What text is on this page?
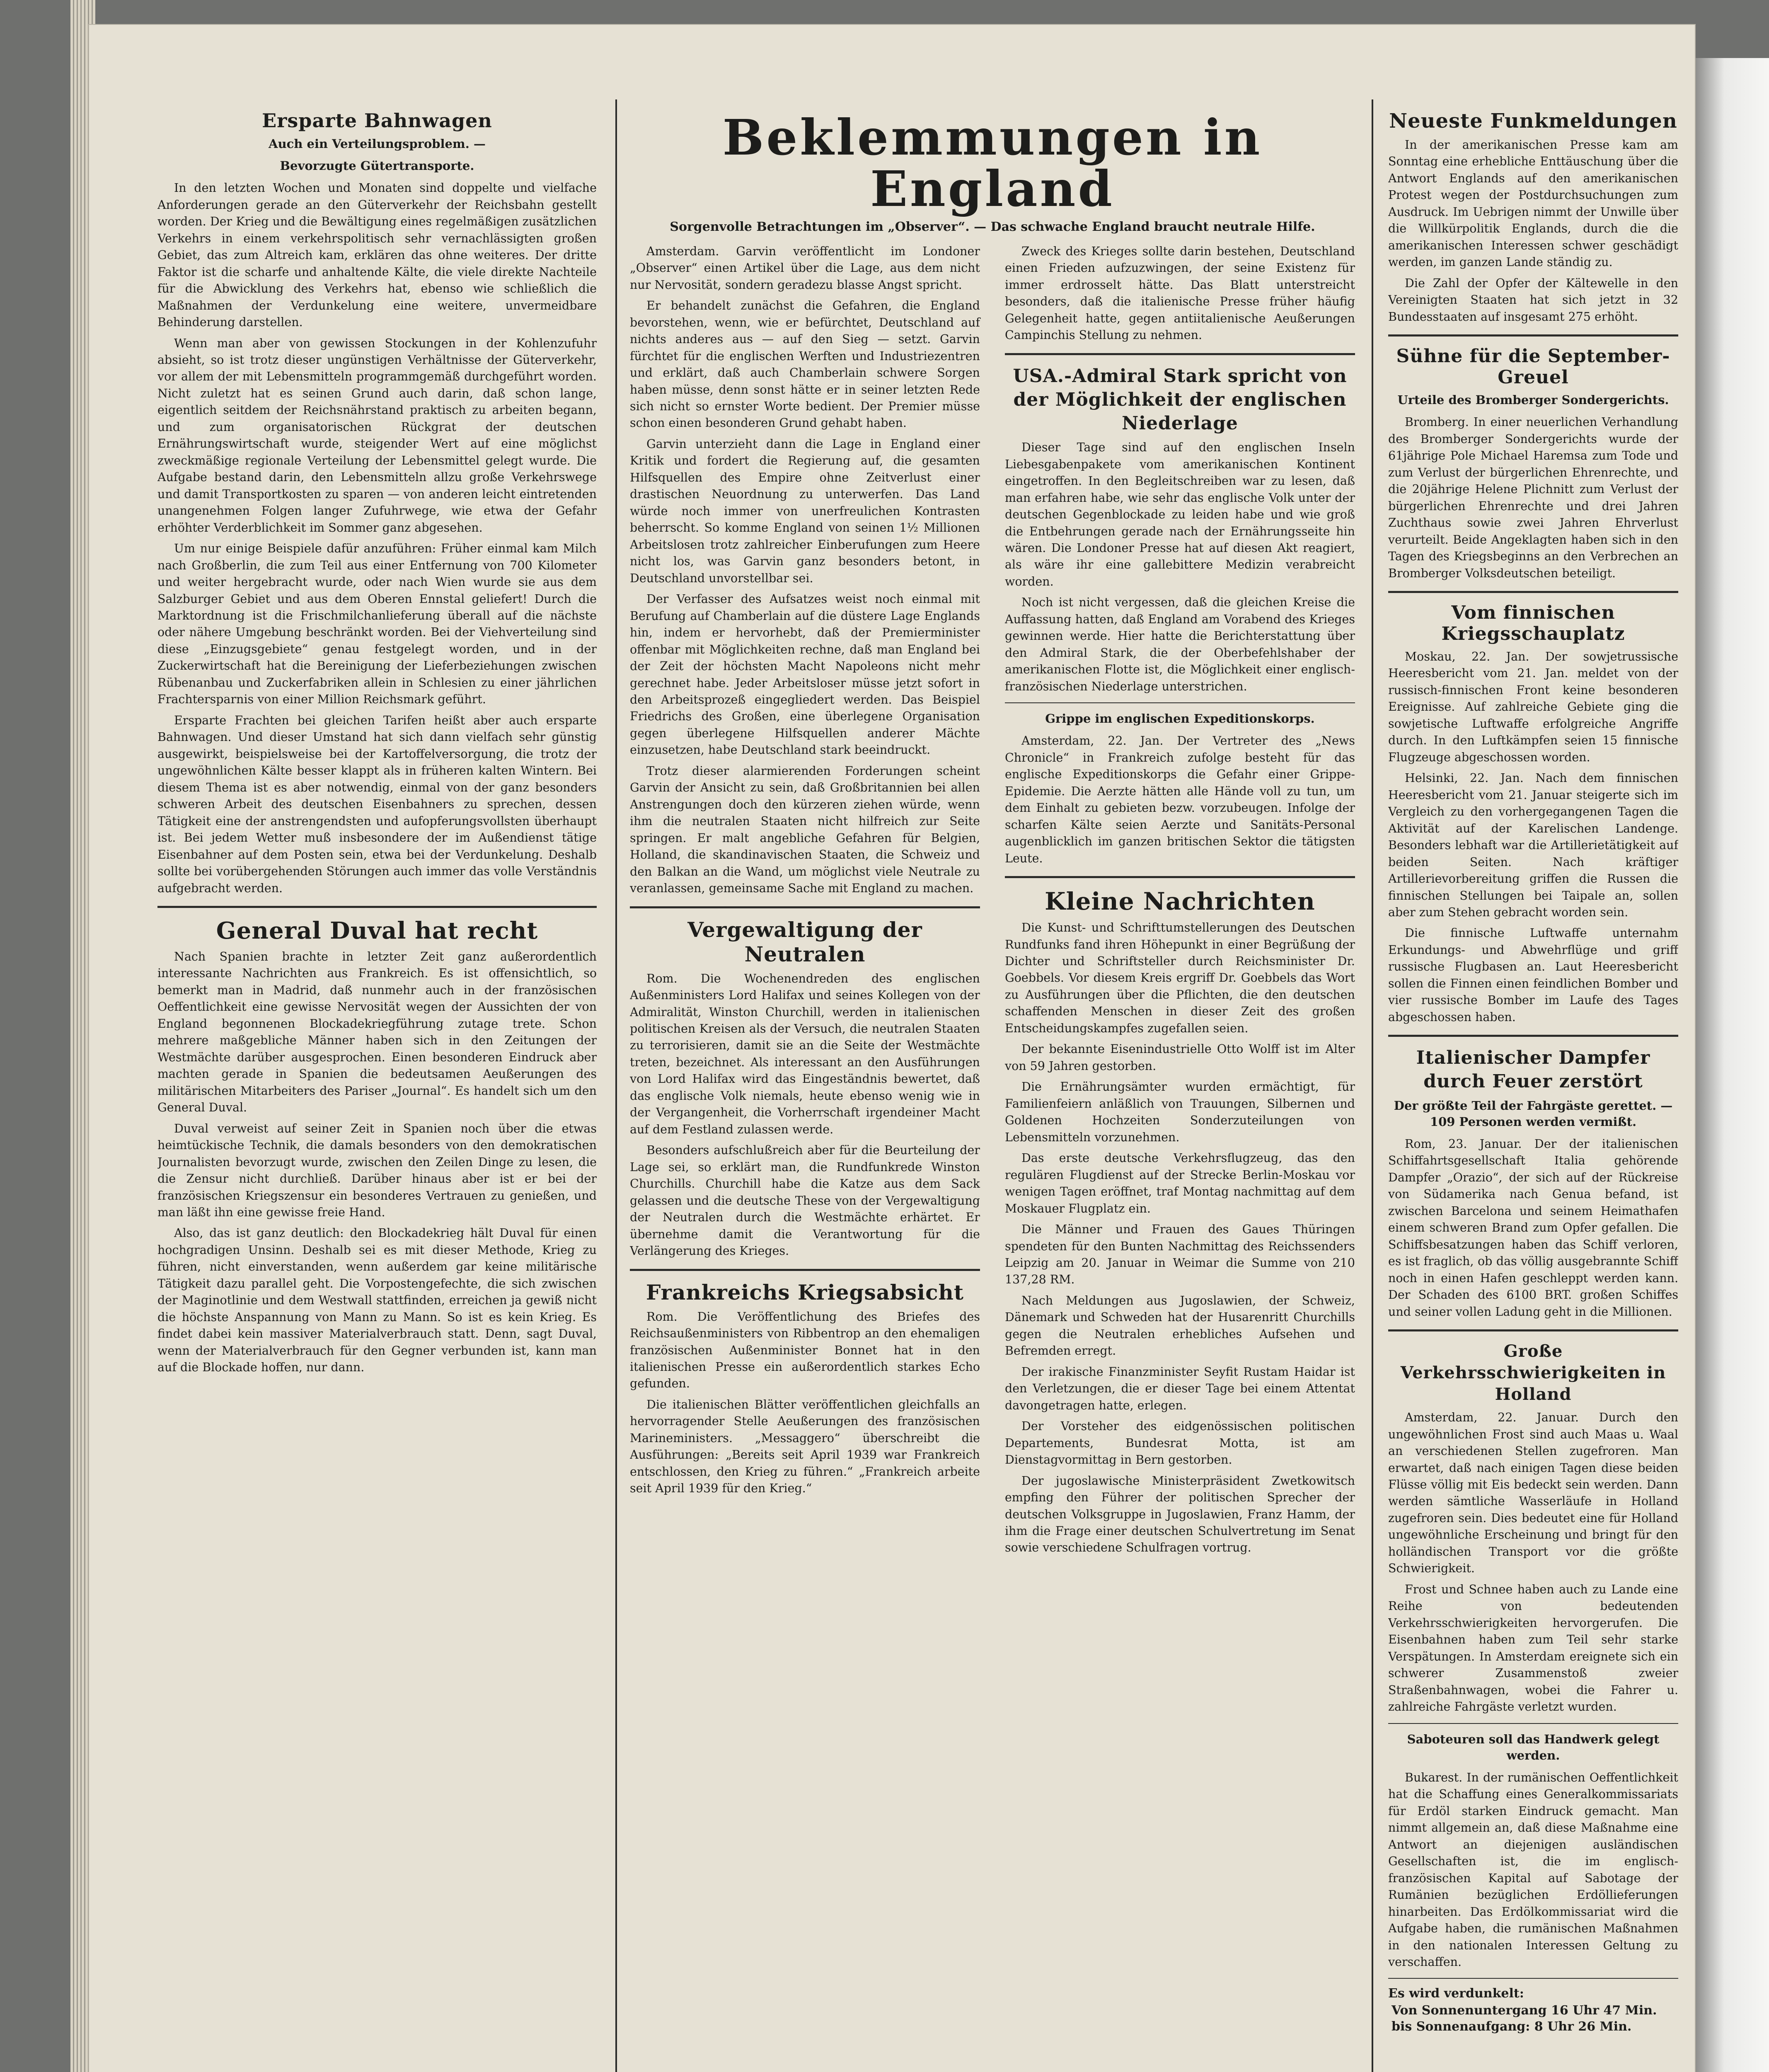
Ersparte Bahnwagen
Auch ein Verteilungsproblem. —
Bevorzugte Gütertransporte.

In den letzten Wochen und Monaten sind doppelte und vielfache Anforderungen gerade an den Güterverkehr der Reichsbahn gestellt worden. Der Krieg und die Bewältigung eines regelmäßigen zusätzlichen Verkehrs in einem verkehrspolitisch sehr vernachlässigten großen Gebiet, das zum Altreich kam, erklären das ohne weiteres. Der dritte Faktor ist die scharfe und anhaltende Kälte, die viele direkte Nachteile für die Abwicklung des Verkehrs hat, ebenso wie schließlich die Maßnahmen der Verdunkelung eine weitere, unvermeidbare Behinderung darstellen.

Wenn man aber von gewissen Stockungen in der Kohlenzufuhr absieht, so ist trotz dieser ungünstigen Verhältnisse der Güterverkehr, vor allem der mit Lebensmitteln programmgemäß durchgeführt worden. Nicht zuletzt hat es seinen Grund auch darin, daß schon lange, eigentlich seitdem der Reichsnährstand praktisch zu arbeiten begann, und zum organisatorischen Rückgrat der deutschen Ernährungswirtschaft wurde, steigender Wert auf eine möglichst zweckmäßige regionale Verteilung der Lebensmittel gelegt wurde. Die Aufgabe bestand darin, den Lebensmitteln allzu große Verkehrswege und damit Transportkosten zu sparen — von anderen leicht eintretenden unangenehmen Folgen langer Zufuhrwege, wie etwa der Gefahr erhöhter Verderblichkeit im Sommer ganz abgesehen.

Um nur einige Beispiele dafür anzuführen: Früher einmal kam Milch nach Großberlin, die zum Teil aus einer Entfernung von 700 Kilometer und weiter hergebracht wurde, oder nach Wien wurde sie aus dem Salzburger Gebiet und aus dem Oberen Ennstal geliefert! Durch die Marktordnung ist die Frischmilchanlieferung überall auf die nächste oder nähere Umgebung beschränkt worden. Bei der Viehverteilung sind diese „Einzugsgebiete“ genau festgelegt worden, und in der Zuckerwirtschaft hat die Bereinigung der Lieferbeziehungen zwischen Rübenanbau und Zuckerfabriken allein in Schlesien zu einer jährlichen Frachtersparnis von einer Million Reichsmark geführt.

Ersparte Frachten bei gleichen Tarifen heißt aber auch ersparte Bahnwagen. Und dieser Umstand hat sich dann vielfach sehr günstig ausgewirkt, beispielsweise bei der Kartoffelversorgung, die trotz der ungewöhnlichen Kälte besser klappt als in früheren kalten Wintern. Bei diesem Thema ist es aber notwendig, einmal von der ganz besonders schweren Arbeit des deutschen Eisenbahners zu sprechen, dessen Tätigkeit eine der anstrengendsten und aufopferungsvollsten überhaupt ist. Bei jedem Wetter muß insbesondere der im Außendienst tätige Eisenbahner auf dem Posten sein, etwa bei der Verdunkelung. Deshalb sollte bei vorübergehenden Störungen auch immer das volle Verständnis aufgebracht werden.

General Duval hat recht

Nach Spanien brachte in letzter Zeit ganz außerordentlich interessante Nachrichten aus Frankreich. Es ist offensichtlich, so bemerkt man in Madrid, daß nunmehr auch in der französischen Oeffentlichkeit eine gewisse Nervosität wegen der Aussichten der von England begonnenen Blockadekriegführung zutage trete. Schon mehrere maßgebliche Männer haben sich in den Zeitungen der Westmächte darüber ausgesprochen. Einen besonderen Eindruck aber machten gerade in Spanien die bedeutsamen Aeußerungen des militärischen Mitarbeiters des Pariser „Journal“. Es handelt sich um den General Duval.

Duval verweist auf seiner Zeit in Spanien noch über die etwas heimtückische Technik, die damals besonders von den demokratischen Journalisten bevorzugt wurde, zwischen den Zeilen Dinge zu lesen, die die Zensur nicht durchließ. Darüber hinaus aber ist er bei der französischen Kriegszensur ein besonderes Vertrauen zu genießen, und man läßt ihn eine gewisse freie Hand.

Also, das ist ganz deutlich: den Blockadekrieg hält Duval für einen hochgradigen Unsinn. Deshalb sei es mit dieser Methode, Krieg zu führen, nicht einverstanden, wenn außerdem gar keine militärische Tätigkeit dazu parallel geht. Die Vorpostengefechte, die sich zwischen der Maginotlinie und dem Westwall stattfinden, erreichen ja gewiß nicht die höchste Anspannung von Mann zu Mann. So ist es kein Krieg. Es findet dabei kein massiver Materialverbrauch statt. Denn, sagt Duval, wenn der Materialverbrauch für den Gegner verbunden ist, kann man auf die Blockade hoffen, nur dann.

Beklemmungen in England
Sorgenvolle Betrachtungen im „Observer“. — Das schwache England braucht neutrale Hilfe.

Amsterdam. Garvin veröffentlicht im Londoner „Observer“ einen Artikel über die Lage, aus dem nicht nur Nervosität, sondern geradezu blasse Angst spricht.

Er behandelt zunächst die Gefahren, die England bevorstehen, wenn, wie er befürchtet, Deutschland auf nichts anderes aus — auf den Sieg — setzt. Garvin fürchtet für die englischen Werften und Industriezentren und erklärt, daß auch Chamberlain schwere Sorgen haben müsse, denn sonst hätte er in seiner letzten Rede sich nicht so ernster Worte bedient. Der Premier müsse schon einen besonderen Grund gehabt haben.

Garvin unterzieht dann die Lage in England einer Kritik und fordert die Regierung auf, die gesamten Hilfsquellen des Empire ohne Zeitverlust einer drastischen Neuordnung zu unterwerfen. Das Land würde noch immer von unerfreulichen Kontrasten beherrscht. So komme England von seinen 1½ Millionen Arbeitslosen trotz zahlreicher Einberufungen zum Heere nicht los, was Garvin ganz besonders betont, in Deutschland unvorstellbar sei.

Der Verfasser des Aufsatzes weist noch einmal mit Berufung auf Chamberlain auf die düstere Lage Englands hin, indem er hervorhebt, daß der Premierminister offenbar mit Möglichkeiten rechne, daß man England bei der Zeit der höchsten Macht Napoleons nicht mehr gerechnet habe. Jeder Arbeitsloser müsse jetzt sofort in den Arbeitsprozeß eingegliedert werden. Das Beispiel Friedrichs des Großen, eine überlegene Organisation gegen überlegene Hilfsquellen anderer Mächte einzusetzen, habe Deutschland stark beeindruckt.

Trotz dieser alarmierenden Forderungen scheint Garvin der Ansicht zu sein, daß Großbritannien bei allen Anstrengungen doch den kürzeren ziehen würde, wenn ihm die neutralen Staaten nicht hilfreich zur Seite springen. Er malt angebliche Gefahren für Belgien, Holland, die skandinavischen Staaten, die Schweiz und den Balkan an die Wand, um möglichst viele Neutrale zu veranlassen, gemeinsame Sache mit England zu machen.

Vergewaltigung der Neutralen

Rom. Die Wochenendreden des englischen Außenministers Lord Halifax und seines Kollegen von der Admiralität, Winston Churchill, werden in italienischen politischen Kreisen als der Versuch, die neutralen Staaten zu terrorisieren, damit sie an die Seite der Westmächte treten, bezeichnet. Als interessant an den Ausführungen von Lord Halifax wird das Eingeständnis bewertet, daß das englische Volk niemals, heute ebenso wenig wie in der Vergangenheit, die Vorherrschaft irgendeiner Macht auf dem Festland zulassen werde.

Besonders aufschlußreich aber für die Beurteilung der Lage sei, so erklärt man, die Rundfunkrede Winston Churchills. Churchill habe die Katze aus dem Sack gelassen und die deutsche These von der Vergewaltigung der Neutralen durch die Westmächte erhärtet. Er übernehme damit die Verantwortung für die Verlängerung des Krieges.

Frankreichs Kriegsabsicht

Rom. Die Veröffentlichung des Briefes des Reichsaußenministers von Ribbentrop an den ehemaligen französischen Außenminister Bonnet hat in den italienischen Presse ein außerordentlich starkes Echo gefunden.

Die italienischen Blätter veröffentlichen gleichfalls an hervorragender Stelle Aeußerungen des französischen Marineministers. „Messaggero“ überschreibt die Ausführungen: „Bereits seit April 1939 war Frankreich entschlossen, den Krieg zu führen.“ „Frankreich arbeite seit April 1939 für den Krieg.“

Zweck des Krieges sollte darin bestehen, Deutschland einen Frieden aufzuzwingen, der seine Existenz für immer erdrosselt hätte. Das Blatt unterstreicht besonders, daß die italienische Presse früher häufig Gelegenheit hatte, gegen antiitalienische Aeußerungen Campinchis Stellung zu nehmen.

USA.-Admiral Stark spricht von der Möglichkeit der englischen Niederlage

Dieser Tage sind auf den englischen Inseln Liebesgabenpakete vom amerikanischen Kontinent eingetroffen. In den Begleitschreiben war zu lesen, daß man erfahren habe, wie sehr das englische Volk unter der deutschen Gegenblockade zu leiden habe und wie groß die Entbehrungen gerade nach der Ernährungsseite hin wären. Die Londoner Presse hat auf diesen Akt reagiert, als wäre ihr eine gallebittere Medizin verabreicht worden.

Noch ist nicht vergessen, daß die gleichen Kreise die Auffassung hatten, daß England am Vorabend des Krieges gewinnen werde. Hier hatte die Berichterstattung über den Admiral Stark, die der Oberbefehlshaber der amerikanischen Flotte ist, die Möglichkeit einer englisch-französischen Niederlage unterstrichen.

Grippe im englischen Expeditionskorps.

Amsterdam, 22. Jan. Der Vertreter des „News Chronicle“ in Frankreich zufolge besteht für das englische Expeditionskorps die Gefahr einer Grippe-Epidemie. Die Aerzte hätten alle Hände voll zu tun, um dem Einhalt zu gebieten bezw. vorzubeugen. Infolge der scharfen Kälte seien Aerzte und Sanitäts-Personal augenblicklich im ganzen britischen Sektor die tätigsten Leute.

Kleine Nachrichten

Die Kunst- und Schrifttumstellerungen des Deutschen Rundfunks fand ihren Höhepunkt in einer Begrüßung der Dichter und Schriftsteller durch Reichsminister Dr. Goebbels. Vor diesem Kreis ergriff Dr. Goebbels das Wort zu Ausführungen über die Pflichten, die den deutschen schaffenden Menschen in dieser Zeit des großen Entscheidungskampfes zugefallen seien.

Der bekannte Eisenindustrielle Otto Wolff ist im Alter von 59 Jahren gestorben.

Die Ernährungsämter wurden ermächtigt, für Familienfeiern anläßlich von Trauungen, Silbernen und Goldenen Hochzeiten Sonderzuteilungen von Lebensmitteln vorzunehmen.

Das erste deutsche Verkehrsflugzeug, das den regulären Flugdienst auf der Strecke Berlin-Moskau vor wenigen Tagen eröffnet, traf Montag nachmittag auf dem Moskauer Flugplatz ein.

Die Männer und Frauen des Gaues Thüringen spendeten für den Bunten Nachmittag des Reichssenders Leipzig am 20. Januar in Weimar die Summe von 210 137,28 RM.

Nach Meldungen aus Jugoslawien, der Schweiz, Dänemark und Schweden hat der Husarenritt Churchills gegen die Neutralen erhebliches Aufsehen und Befremden erregt.

Der irakische Finanzminister Seyfit Rustam Haidar ist den Verletzungen, die er dieser Tage bei einem Attentat davongetragen hatte, erlegen.

Der Vorsteher des eidgenössischen politischen Departements, Bundesrat Motta, ist am Dienstagvormittag in Bern gestorben.

Der jugoslawische Ministerpräsident Zwetkowitsch empfing den Führer der politischen Sprecher der deutschen Volksgruppe in Jugoslawien, Franz Hamm, der ihm die Frage einer deutschen Schulvertretung im Senat sowie verschiedene Schulfragen vortrug.

Neueste Funkmeldungen

In der amerikanischen Presse kam am Sonntag eine erhebliche Enttäuschung über die Antwort Englands auf den amerikanischen Protest wegen der Postdurchsuchungen zum Ausdruck. Im Uebrigen nimmt der Unwille über die Willkürpolitik Englands, durch die die amerikanischen Interessen schwer geschädigt werden, im ganzen Lande ständig zu.

Die Zahl der Opfer der Kältewelle in den Vereinigten Staaten hat sich jetzt in 32 Bundesstaaten auf insgesamt 275 erhöht.

Sühne für die September-Greuel
Urteile des Bromberger Sondergerichts.

Bromberg. In einer neuerlichen Verhandlung des Bromberger Sondergerichts wurde der 61jährige Pole Michael Haremsa zum Tode und zum Verlust der bürgerlichen Ehrenrechte, und die 20jährige Helene Plichnitt zum Verlust der bürgerlichen Ehrenrechte und drei Jahren Zuchthaus sowie zwei Jahren Ehrverlust verurteilt. Beide Angeklagten haben sich in den Tagen des Kriegsbeginns an den Verbrechen an Bromberger Volksdeutschen beteiligt.

Vom finnischen Kriegsschauplatz

Moskau, 22. Jan. Der sowjetrussische Heeresbericht vom 21. Jan. meldet von der russisch-finnischen Front keine besonderen Ereignisse. Auf zahlreiche Gebiete ging die sowjetische Luftwaffe erfolgreiche Angriffe durch. In den Luftkämpfen seien 15 finnische Flugzeuge abgeschossen worden.

Helsinki, 22. Jan. Nach dem finnischen Heeresbericht vom 21. Januar steigerte sich im Vergleich zu den vorhergegangenen Tagen die Aktivität auf der Karelischen Landenge. Besonders lebhaft war die Artillerietätigkeit auf beiden Seiten. Nach kräftiger Artillerievorbereitung griffen die Russen die finnischen Stellungen bei Taipale an, sollen aber zum Stehen gebracht worden sein.

Die finnische Luftwaffe unternahm Erkundungs- und Abwehrflüge und griff russische Flugbasen an. Laut Heeresbericht sollen die Finnen einen feindlichen Bomber und vier russische Bomber im Laufe des Tages abgeschossen haben.

Italienischer Dampfer durch Feuer zerstört
Der größte Teil der Fahrgäste gerettet. — 109 Personen werden vermißt.

Rom, 23. Januar. Der der italienischen Schiffahrtsgesellschaft Italia gehörende Dampfer „Orazio“, der sich auf der Rückreise von Südamerika nach Genua befand, ist zwischen Barcelona und seinem Heimathafen einem schweren Brand zum Opfer gefallen. Die Schiffsbesatzungen haben das Schiff verloren, es ist fraglich, ob das völlig ausgebrannte Schiff noch in einen Hafen geschleppt werden kann. Der Schaden des 6100 BRT. großen Schiffes und seiner vollen Ladung geht in die Millionen.

Große Verkehrsschwierigkeiten in Holland

Amsterdam, 22. Januar. Durch den ungewöhnlichen Frost sind auch Maas u. Waal an verschiedenen Stellen zugefroren. Man erwartet, daß nach einigen Tagen diese beiden Flüsse völlig mit Eis bedeckt sein werden. Dann werden sämtliche Wasserläufe in Holland zugefroren sein. Dies bedeutet eine für Holland ungewöhnliche Erscheinung und bringt für den holländischen Transport vor die größte Schwierigkeit.

Frost und Schnee haben auch zu Lande eine Reihe von bedeutenden Verkehrsschwierigkeiten hervorgerufen. Die Eisenbahnen haben zum Teil sehr starke Verspätungen. In Amsterdam ereignete sich ein schwerer Zusammenstoß zweier Straßenbahnwagen, wobei die Fahrer u. zahlreiche Fahrgäste verletzt wurden.

Saboteuren soll das Handwerk gelegt werden.

Bukarest. In der rumänischen Oeffentlichkeit hat die Schaffung eines Generalkommissariats für Erdöl starken Eindruck gemacht. Man nimmt allgemein an, daß diese Maßnahme eine Antwort an diejenigen ausländischen Gesellschaften ist, die im englisch-französischen Kapital auf Sabotage der Rumänien bezüglichen Erdöllieferungen hinarbeiten. Das Erdölkommissariat wird die Aufgabe haben, die rumänischen Maßnahmen in den nationalen Interessen Geltung zu verschaffen.

Es wird verdunkelt:
Von Sonnenuntergang 16 Uhr 47 Min.
bis Sonnenaufgang: 8 Uhr 26 Min.
